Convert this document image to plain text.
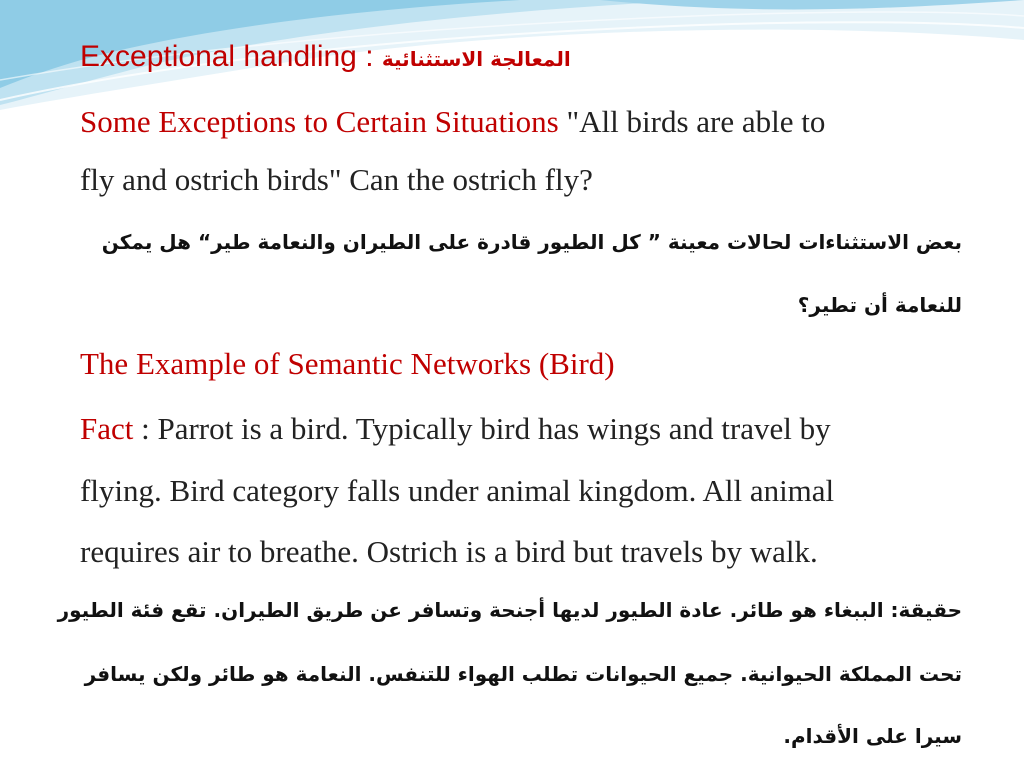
Exceptional handling : المعالجة الاستثنائية
Some Exceptions to Certain Situations "All birds are able to
fly and ostrich birds" Can the ostrich fly?
بعض الاستثناءات لحالات معينة ” كل الطيور قادرة على الطيران والنعامة طير“ هل يمكن
للنعامة أن تطير؟
The Example of Semantic Networks (Bird)
Fact : Parrot is a bird. Typically bird has wings and travel by
flying. Bird category falls under animal kingdom. All animal
requires air to breathe. Ostrich is a bird but travels by walk.
حقيقة: الببغاء هو طائر. عادة الطيور لديها أجنحة وتسافر عن طريق الطيران. تقع فئة الطيور
تحت المملكة الحيوانية. جميع الحيوانات تطلب الهواء للتنفس. النعامة هو طائر ولكن يسافر
سيرا على الأقدام.
